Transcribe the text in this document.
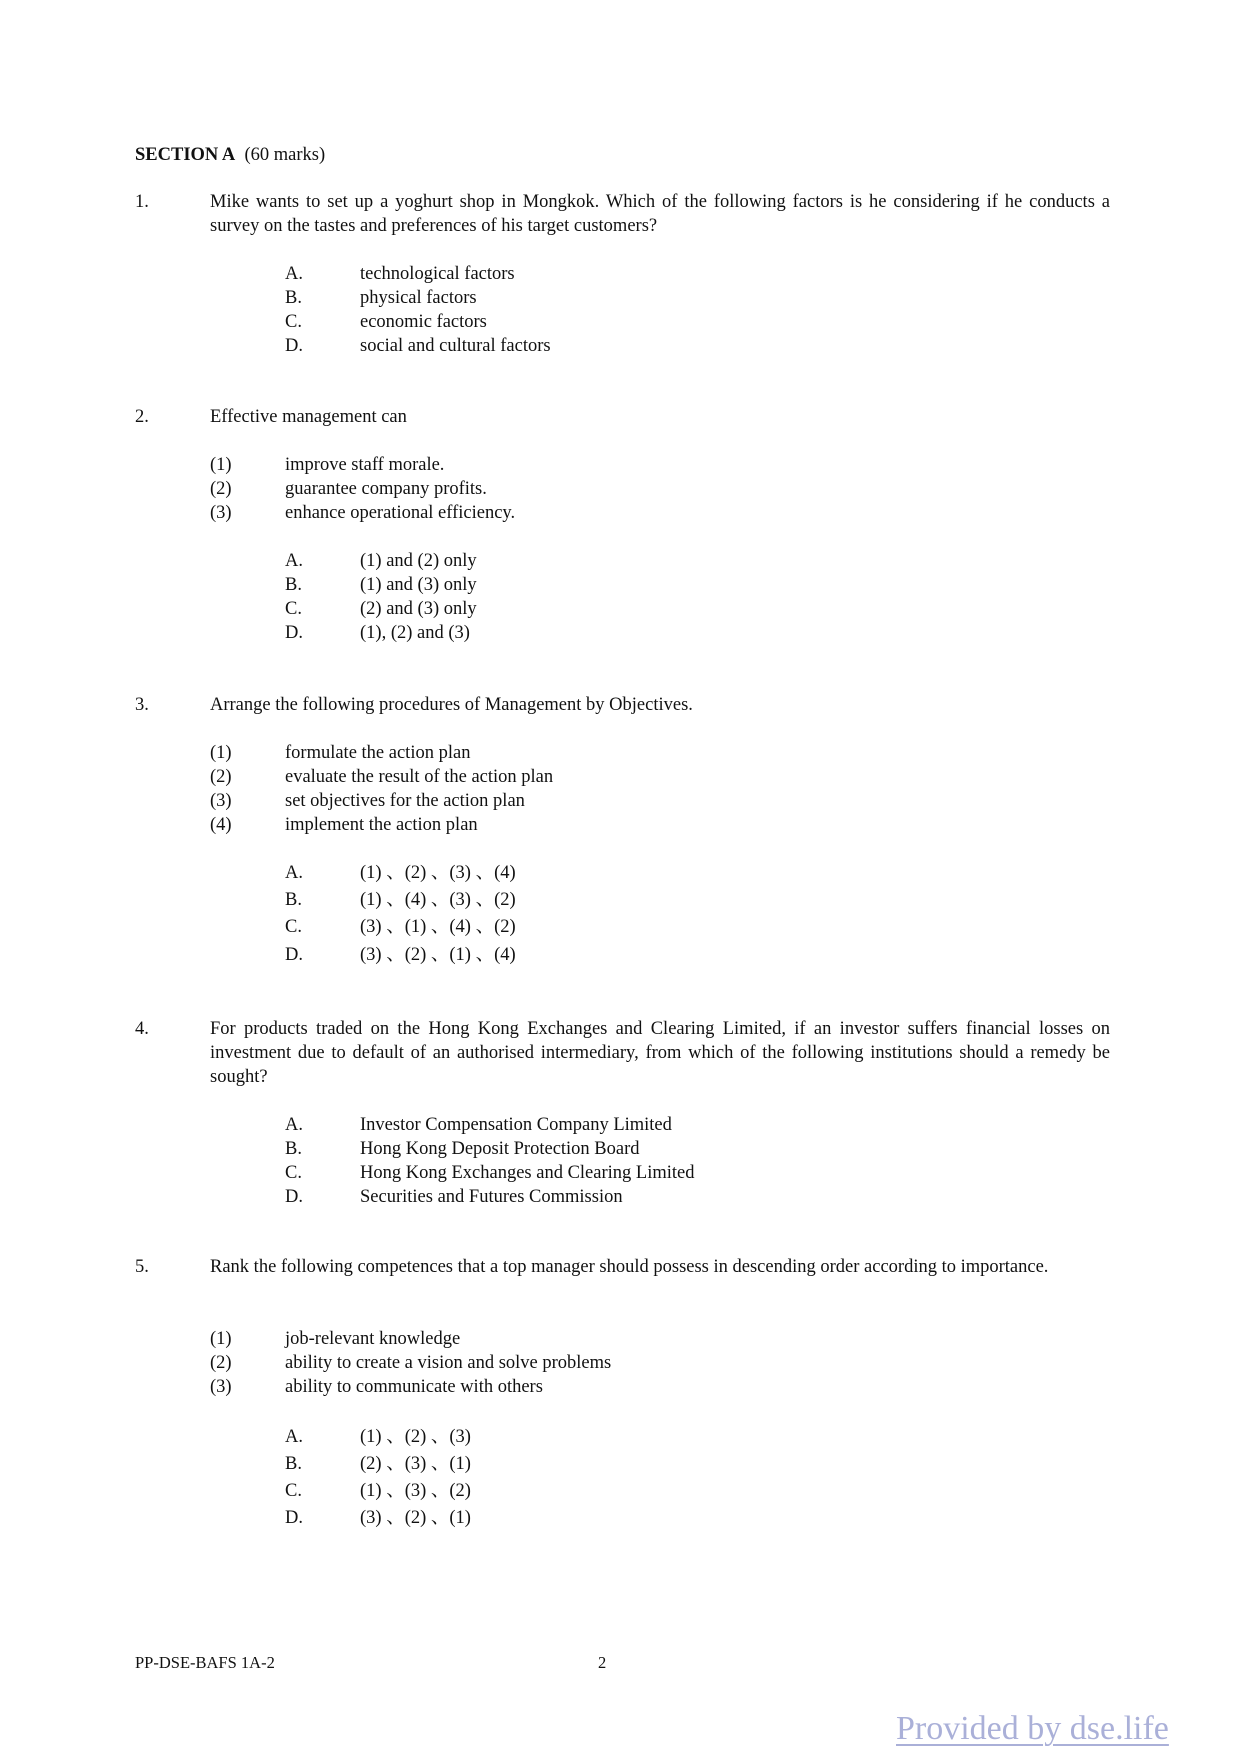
SECTION A (60 marks)
1.	Mike wants to set up a yoghurt shop in Mongkok. Which of the following factors is he considering if he conducts a survey on the tastes and preferences of his target customers?
A.	technological factors
B.	physical factors
C.	economic factors
D.	social and cultural factors
2.	Effective management can
(1)	improve staff morale.
(2)	guarantee company profits.
(3)	enhance operational efficiency.
A.	(1) and (2) only
B.	(1) and (3) only
C.	(2) and (3) only
D.	(1), (2) and (3)
3.	Arrange the following procedures of Management by Objectives.
(1)	formulate the action plan
(2)	evaluate the result of the action plan
(3)	set objectives for the action plan
(4)	implement the action plan
A.	(1) 、(2) 、(3) 、(4)
B.	(1) 、(4) 、(3) 、(2)
C.	(3) 、(1) 、(4) 、(2)
D.	(3) 、(2) 、(1) 、(4)
4.	For products traded on the Hong Kong Exchanges and Clearing Limited, if an investor suffers financial losses on investment due to default of an authorised intermediary, from which of the following institutions should a remedy be sought?
A.	Investor Compensation Company Limited
B.	Hong Kong Deposit Protection Board
C.	Hong Kong Exchanges and Clearing Limited
D.	Securities and Futures Commission
5.	Rank the following competences that a top manager should possess in descending order according to importance.
(1)	job-relevant knowledge
(2)	ability to create a vision and solve problems
(3)	ability to communicate with others
A.	(1) 、(2) 、(3)
B.	(2) 、(3) 、(1)
C.	(1) 、(3) 、(2)
D.	(3) 、(2) 、(1)
PP-DSE-BAFS 1A-2	2
Provided by dse.life
